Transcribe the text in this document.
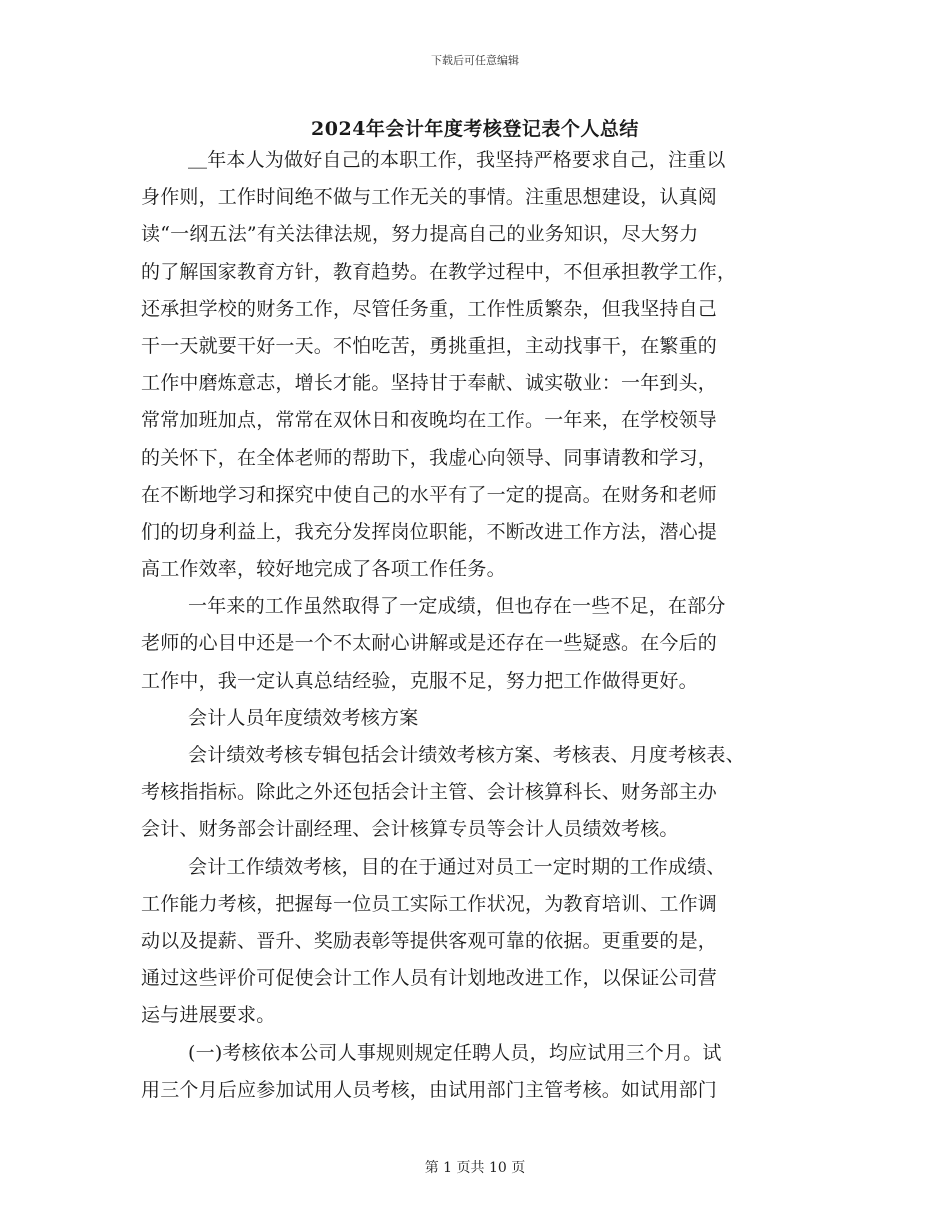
下载后可任意编辑
2024年会计年度考核登记表个人总结
＿年本人为做好自己的本职工作，我坚持严格要求自己，注重以
身作则，工作时间绝不做与工作无关的事情。注重思想建设，认真阅
读“一纲五法”有关法律法规，努力提高自己的业务知识，尽大努力
的了解国家教育方针，教育趋势。在教学过程中，不但承担教学工作，
还承担学校的财务工作，尽管任务重，工作性质繁杂，但我坚持自己
干一天就要干好一天。不怕吃苦，勇挑重担，主动找事干，在繁重的
工作中磨炼意志，增长才能。坚持甘于奉献、诚实敬业：一年到头，
常常加班加点，常常在双休日和夜晚均在工作。一年来，在学校领导
的关怀下，在全体老师的帮助下，我虚心向领导、同事请教和学习，
在不断地学习和探究中使自己的水平有了一定的提高。在财务和老师
们的切身利益上，我充分发挥岗位职能，不断改进工作方法，潜心提
高工作效率，较好地完成了各项工作任务。
一年来的工作虽然取得了一定成绩，但也存在一些不足，在部分
老师的心目中还是一个不太耐心讲解或是还存在一些疑惑。在今后的
工作中，我一定认真总结经验，克服不足，努力把工作做得更好。
会计人员年度绩效考核方案
会计绩效考核专辑包括会计绩效考核方案、考核表、月度考核表、
考核指指标。除此之外还包括会计主管、会计核算科长、财务部主办
会计、财务部会计副经理、会计核算专员等会计人员绩效考核。
会计工作绩效考核，目的在于通过对员工一定时期的工作成绩、
工作能力考核，把握每一位员工实际工作状况，为教育培训、工作调
动以及提薪、晋升、奖励表彰等提供客观可靠的依据。更重要的是，
通过这些评价可促使会计工作人员有计划地改进工作，以保证公司营
运与进展要求。
(一)考核依本公司人事规则规定任聘人员，均应试用三个月。试
用三个月后应参加试用人员考核，由试用部门主管考核。如试用部门
第 1 页共 10 页
